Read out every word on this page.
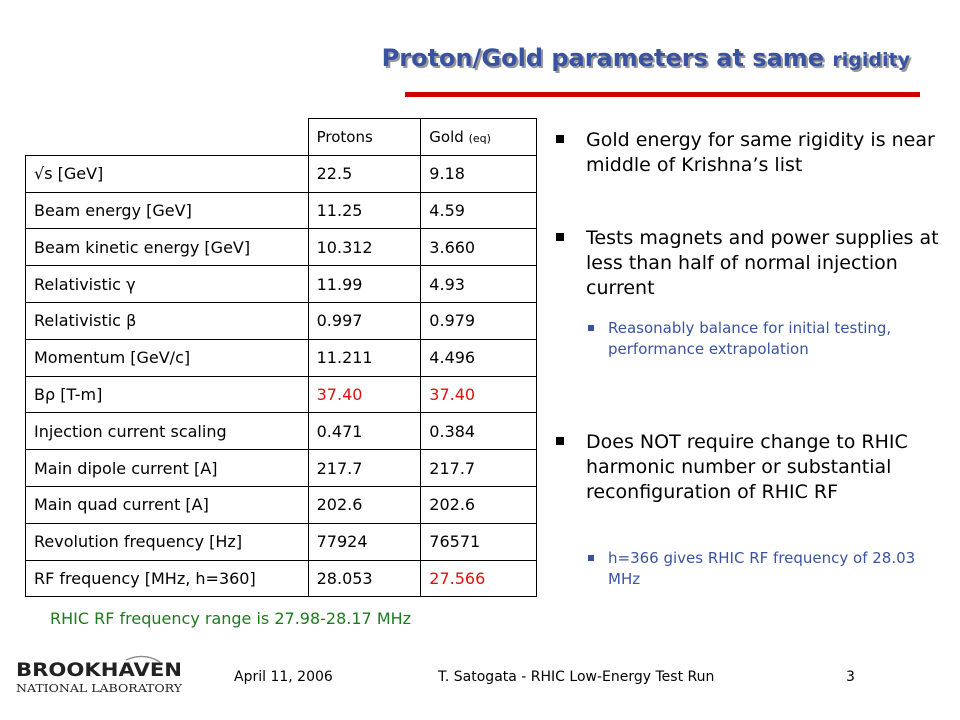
Proton/Gold parameters at same rigidity
	Protons	Gold (eq)
√s [GeV]	22.5	9.18
Beam energy [GeV]	11.25	4.59
Beam kinetic energy [GeV]	10.312	3.660
Relativistic γ	11.99	4.93
Relativistic β	0.997	0.979
Momentum [GeV/c]	11.211	4.496
Bρ [T-m]	37.40	37.40
Injection current scaling	0.471	0.384
Main dipole current [A]	217.7	217.7
Main quad current [A]	202.6	202.6
Revolution frequency [Hz]	77924	76571
RF frequency [MHz, h=360]	28.053	27.566
RHIC RF frequency range is 27.98-28.17 MHz
Gold energy for same rigidity is near middle of Krishna’s list
Tests magnets and power supplies at less than half of normal injection current
Reasonably balance for initial testing, performance extrapolation
Does NOT require change to RHIC harmonic number or substantial reconfiguration of RHIC RF
h=366 gives RHIC RF frequency of 28.03 MHz
BROOKHAVEN
NATIONAL LABORATORY
April 11, 2006	T. Satogata - RHIC Low-Energy Test Run	3
